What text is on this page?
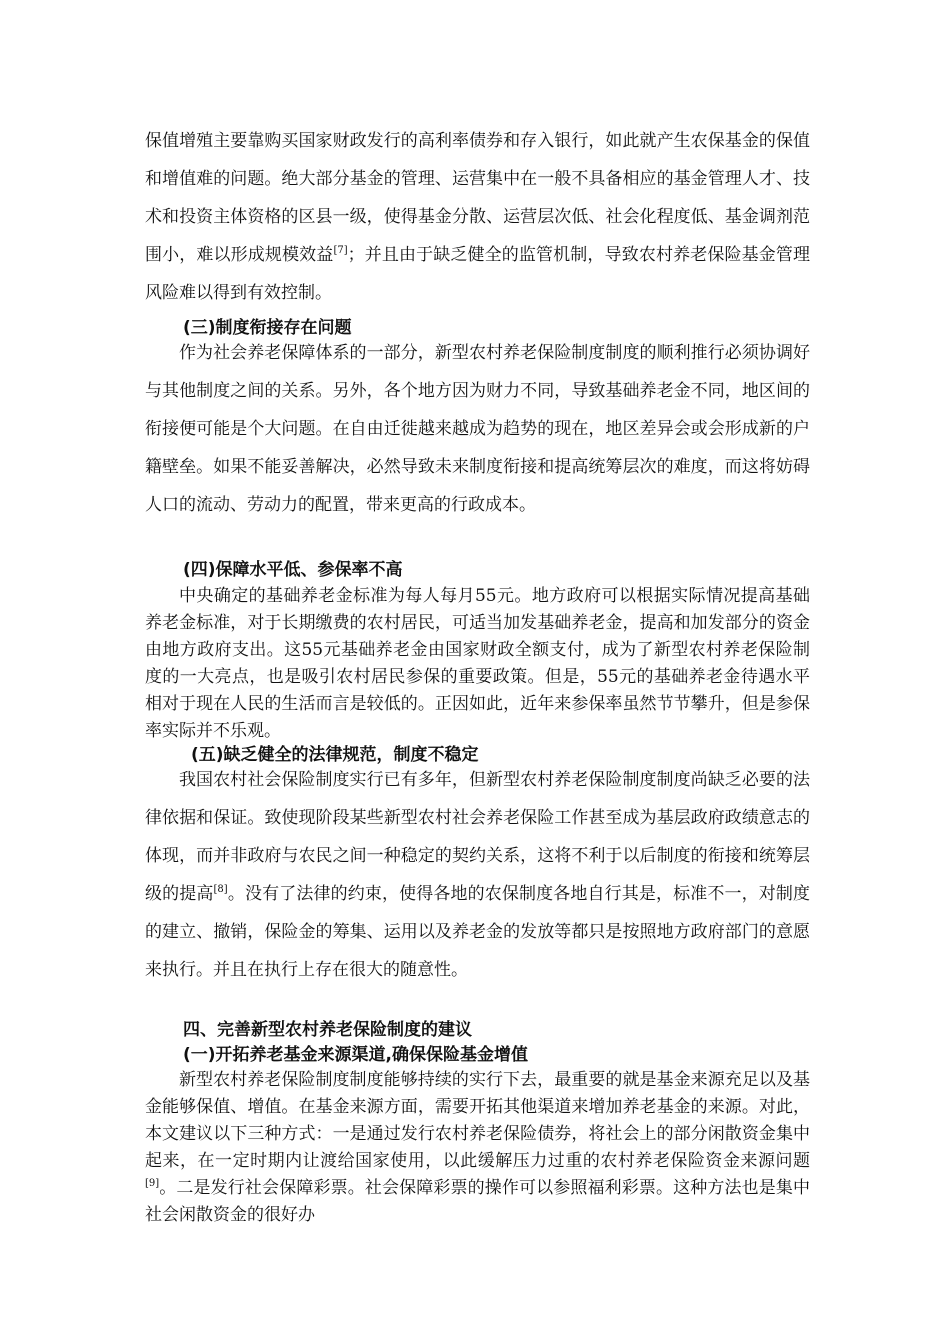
保值增殖主要靠购买国家财政发行的高利率债券和存入银行，如此就产生农保基金的保值和增值难的问题。绝大部分基金的管理、运营集中在一般不具备相应的基金管理人才、技术和投资主体资格的区县一级，使得基金分散、运营层次低、社会化程度低、基金调剂范围小，难以形成规模效益[7]；并且由于缺乏健全的监管机制，导致农村养老保险基金管理风险难以得到有效控制。

(三)制度衔接存在问题

作为社会养老保障体系的一部分，新型农村养老保险制度制度的顺利推行必须协调好与其他制度之间的关系。另外，各个地方因为财力不同，导致基础养老金不同，地区间的衔接便可能是个大问题。在自由迁徙越来越成为趋势的现在，地区差异会或会形成新的户籍壁垒。如果不能妥善解决，必然导致未来制度衔接和提高统筹层次的难度，而这将妨碍人口的流动、劳动力的配置，带来更高的行政成本。

(四)保障水平低、参保率不高

中央确定的基础养老金标准为每人每月55元。地方政府可以根据实际情况提高基础养老金标准，对于长期缴费的农村居民，可适当加发基础养老金，提高和加发部分的资金由地方政府支出。这55元基础养老金由国家财政全额支付，成为了新型农村养老保险制度的一大亮点，也是吸引农村居民参保的重要政策。但是，55元的基础养老金待遇水平相对于现在人民的生活而言是较低的。正因如此，近年来参保率虽然节节攀升，但是参保率实际并不乐观。

(五)缺乏健全的法律规范，制度不稳定

我国农村社会保险制度实行已有多年，但新型农村养老保险制度制度尚缺乏必要的法律依据和保证。致使现阶段某些新型农村社会养老保险工作甚至成为基层政府政绩意志的体现，而并非政府与农民之间一种稳定的契约关系，这将不利于以后制度的衔接和统筹层级的提高[8]。没有了法律的约束，使得各地的农保制度各地自行其是，标准不一，对制度的建立、撤销，保险金的筹集、运用以及养老金的发放等都只是按照地方政府部门的意愿来执行。并且在执行上存在很大的随意性。

四、完善新型农村养老保险制度的建议
(一)开拓养老基金来源渠道,确保保险基金增值

新型农村养老保险制度制度能够持续的实行下去，最重要的就是基金来源充足以及基金能够保值、增值。在基金来源方面，需要开拓其他渠道来增加养老基金的来源。对此，本文建议以下三种方式：一是通过发行农村养老保险债券，将社会上的部分闲散资金集中起来，在一定时期内让渡给国家使用，以此缓解压力过重的农村养老保险资金来源问题[9]。二是发行社会保障彩票。社会保障彩票的操作可以参照福利彩票。这种方法也是集中社会闲散资金的很好办
